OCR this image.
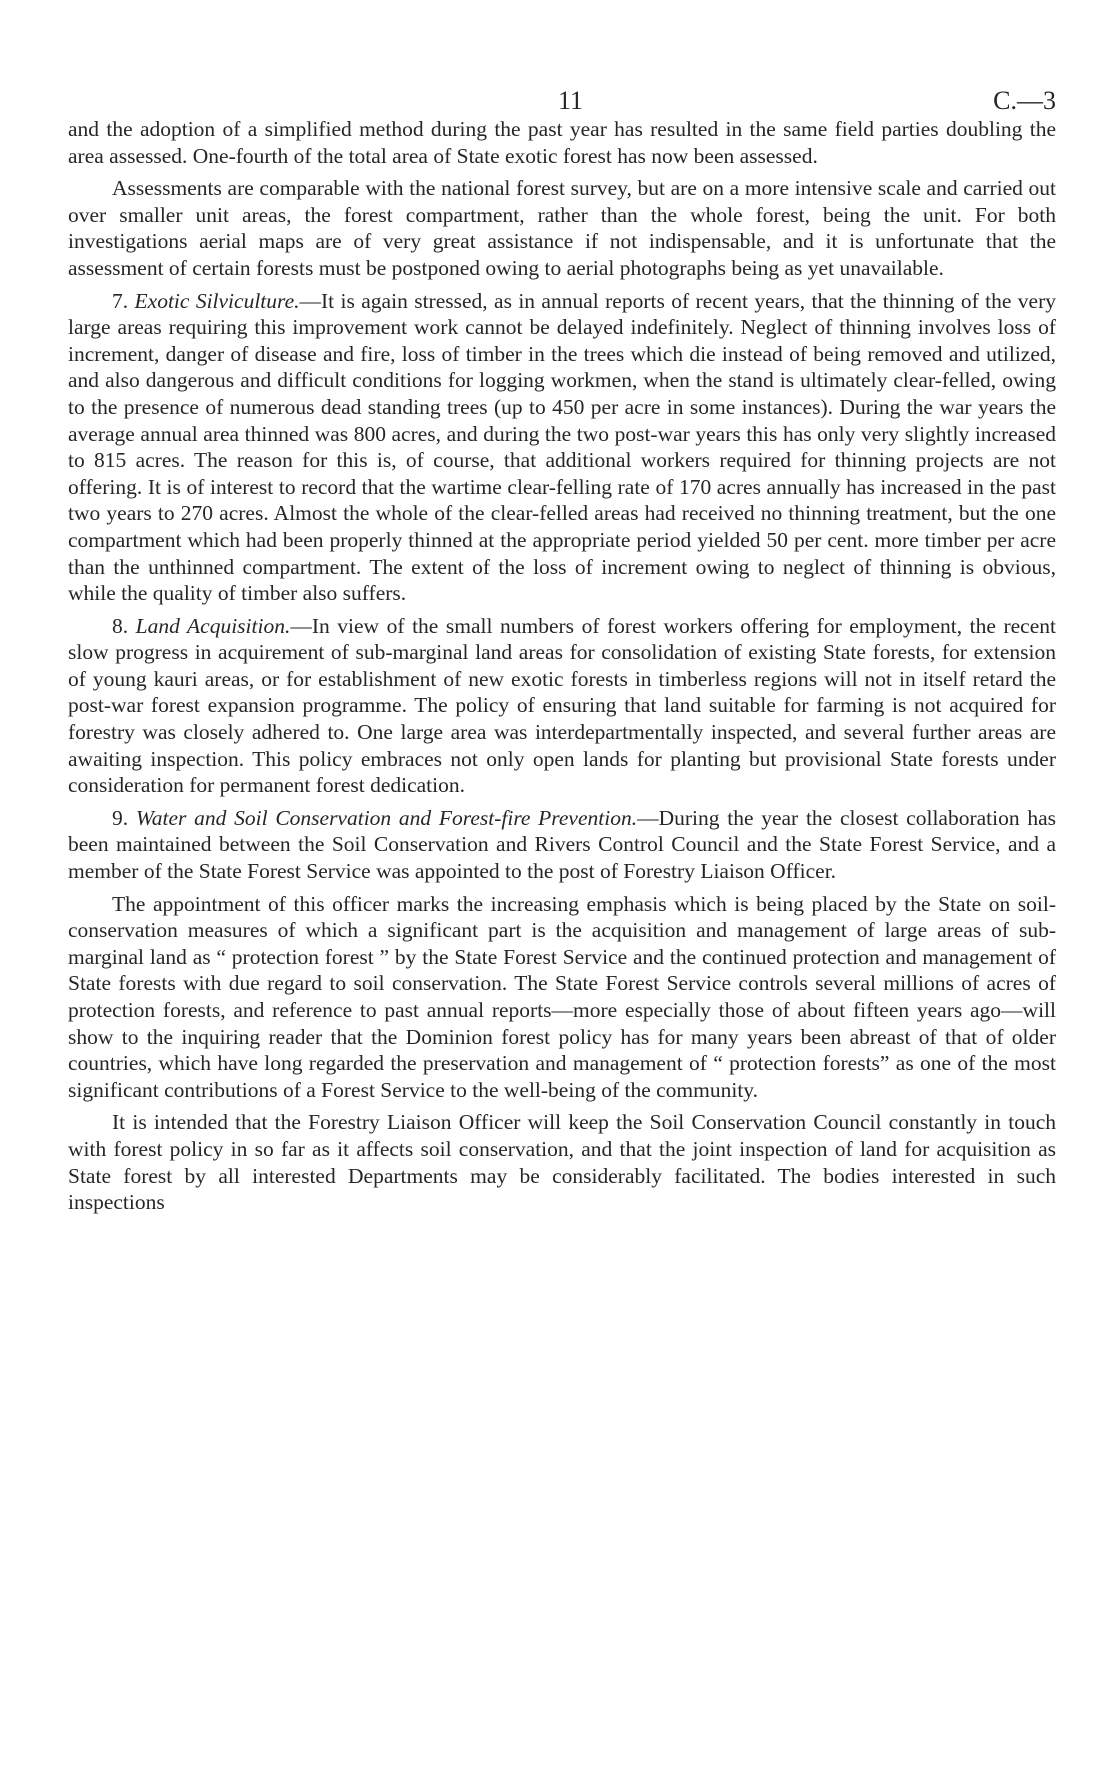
11	C.—3

and the adoption of a simplified method during the past year has resulted in the same field parties doubling the area assessed. One-fourth of the total area of State exotic forest has now been assessed.

Assessments are comparable with the national forest survey, but are on a more intensive scale and carried out over smaller unit areas, the forest compartment, rather than the whole forest, being the unit. For both investigations aerial maps are of very great assistance if not indispensable, and it is unfortunate that the assessment of certain forests must be postponed owing to aerial photographs being as yet unavailable.

7. Exotic Silviculture.—It is again stressed, as in annual reports of recent years, that the thinning of the very large areas requiring this improvement work cannot be delayed indefinitely. Neglect of thinning involves loss of increment, danger of disease and fire, loss of timber in the trees which die instead of being removed and utilized, and also dangerous and difficult conditions for logging workmen, when the stand is ultimately clear-felled, owing to the presence of numerous dead standing trees (up to 450 per acre in some instances). During the war years the average annual area thinned was 800 acres, and during the two post-war years this has only very slightly increased to 815 acres. The reason for this is, of course, that additional workers required for thinning projects are not offering. It is of interest to record that the wartime clear-felling rate of 170 acres annually has increased in the past two years to 270 acres. Almost the whole of the clear-felled areas had received no thinning treatment, but the one compartment which had been properly thinned at the appropriate period yielded 50 per cent. more timber per acre than the unthinned compartment. The extent of the loss of increment owing to neglect of thinning is obvious, while the quality of timber also suffers.

8. Land Acquisition.—In view of the small numbers of forest workers offering for employment, the recent slow progress in acquirement of sub-marginal land areas for consolidation of existing State forests, for extension of young kauri areas, or for establishment of new exotic forests in timberless regions will not in itself retard the post-war forest expansion programme. The policy of ensuring that land suitable for farming is not acquired for forestry was closely adhered to. One large area was interdepartmentally inspected, and several further areas are awaiting inspection. This policy embraces not only open lands for planting but provisional State forests under consideration for permanent forest dedication.

9. Water and Soil Conservation and Forest-fire Prevention.—During the year the closest collaboration has been maintained between the Soil Conservation and Rivers Control Council and the State Forest Service, and a member of the State Forest Service was appointed to the post of Forestry Liaison Officer.

The appointment of this officer marks the increasing emphasis which is being placed by the State on soil-conservation measures of which a significant part is the acquisition and management of large areas of sub-marginal land as “ protection forest ” by the State Forest Service and the continued protection and management of State forests with due regard to soil conservation. The State Forest Service controls several millions of acres of protection forests, and reference to past annual reports—more especially those of about fifteen years ago—will show to the inquiring reader that the Dominion forest policy has for many years been abreast of that of older countries, which have long regarded the preservation and management of “ protection forests” as one of the most significant contributions of a Forest Service to the well-being of the community.

It is intended that the Forestry Liaison Officer will keep the Soil Conservation Council constantly in touch with forest policy in so far as it affects soil conservation, and that the joint inspection of land for acquisition as State forest by all interested Departments may be considerably facilitated. The bodies interested in such inspections
